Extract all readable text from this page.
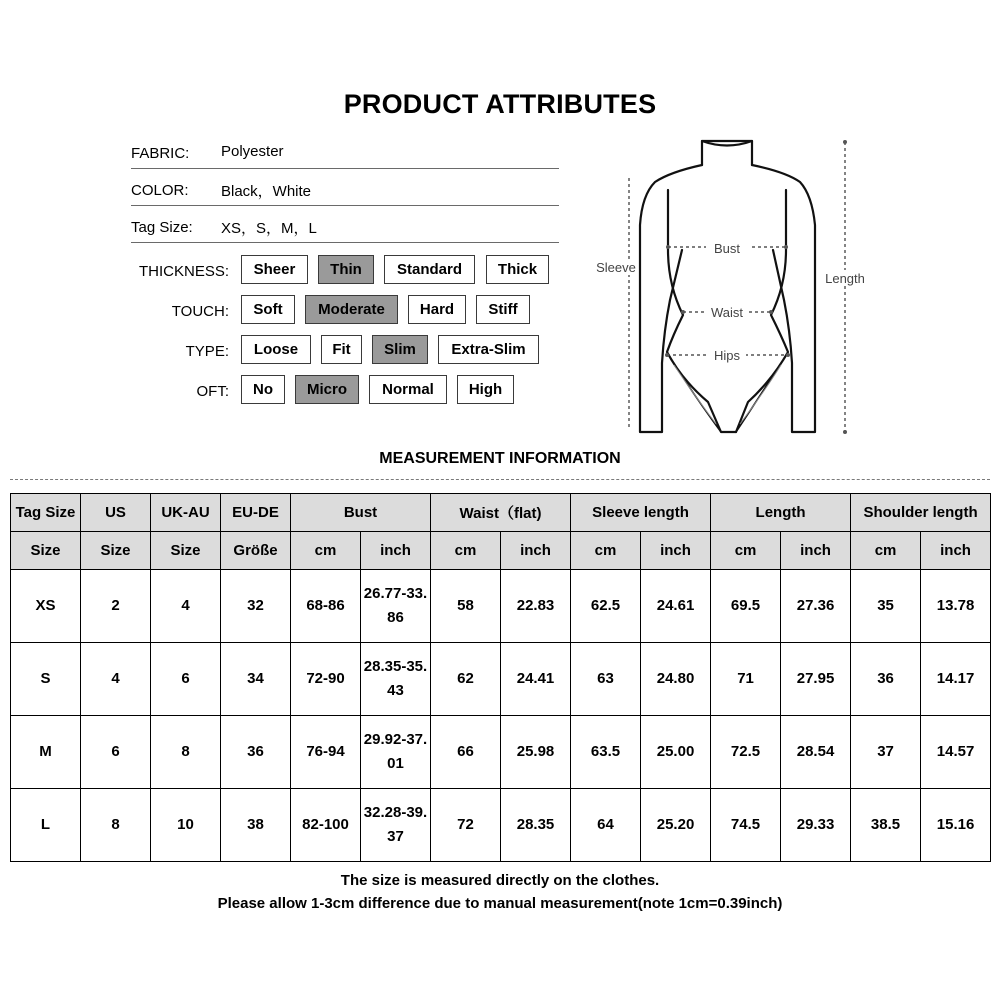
PRODUCT ATTRIBUTES
FABRIC: Polyester
COLOR: Black，White
Tag Size: XS，S，M，L
THICKNESS:	Sheer	Thin	Standard	Thick
TOUCH:	Soft	Moderate	Hard	Stiff
TYPE:	Loose	Fit	Slim	Extra-Slim
OFT:	No	Micro	Normal	High
Bust
Waist
Hips
Sleeve
Length
MEASUREMENT INFORMATION
Tag Size	US	UK-AU	EU-DE	Bust		Waist（flat)		Sleeve length		Length		Shoulder length	
Size	Size	Size	Größe	cm	inch	cm	inch	cm	inch	cm	inch	cm	inch
XS	2	4	32	68-86	26.77-33.86	58	22.83	62.5	24.61	69.5	27.36	35	13.78
S	4	6	34	72-90	28.35-35.43	62	24.41	63	24.80	71	27.95	36	14.17
M	6	8	36	76-94	29.92-37.01	66	25.98	63.5	25.00	72.5	28.54	37	14.57
L	8	10	38	82-100	32.28-39.37	72	28.35	64	25.20	74.5	29.33	38.5	15.16
The size is measured directly on the clothes.
Please allow 1-3cm difference due to manual measurement(note 1cm=0.39inch)
